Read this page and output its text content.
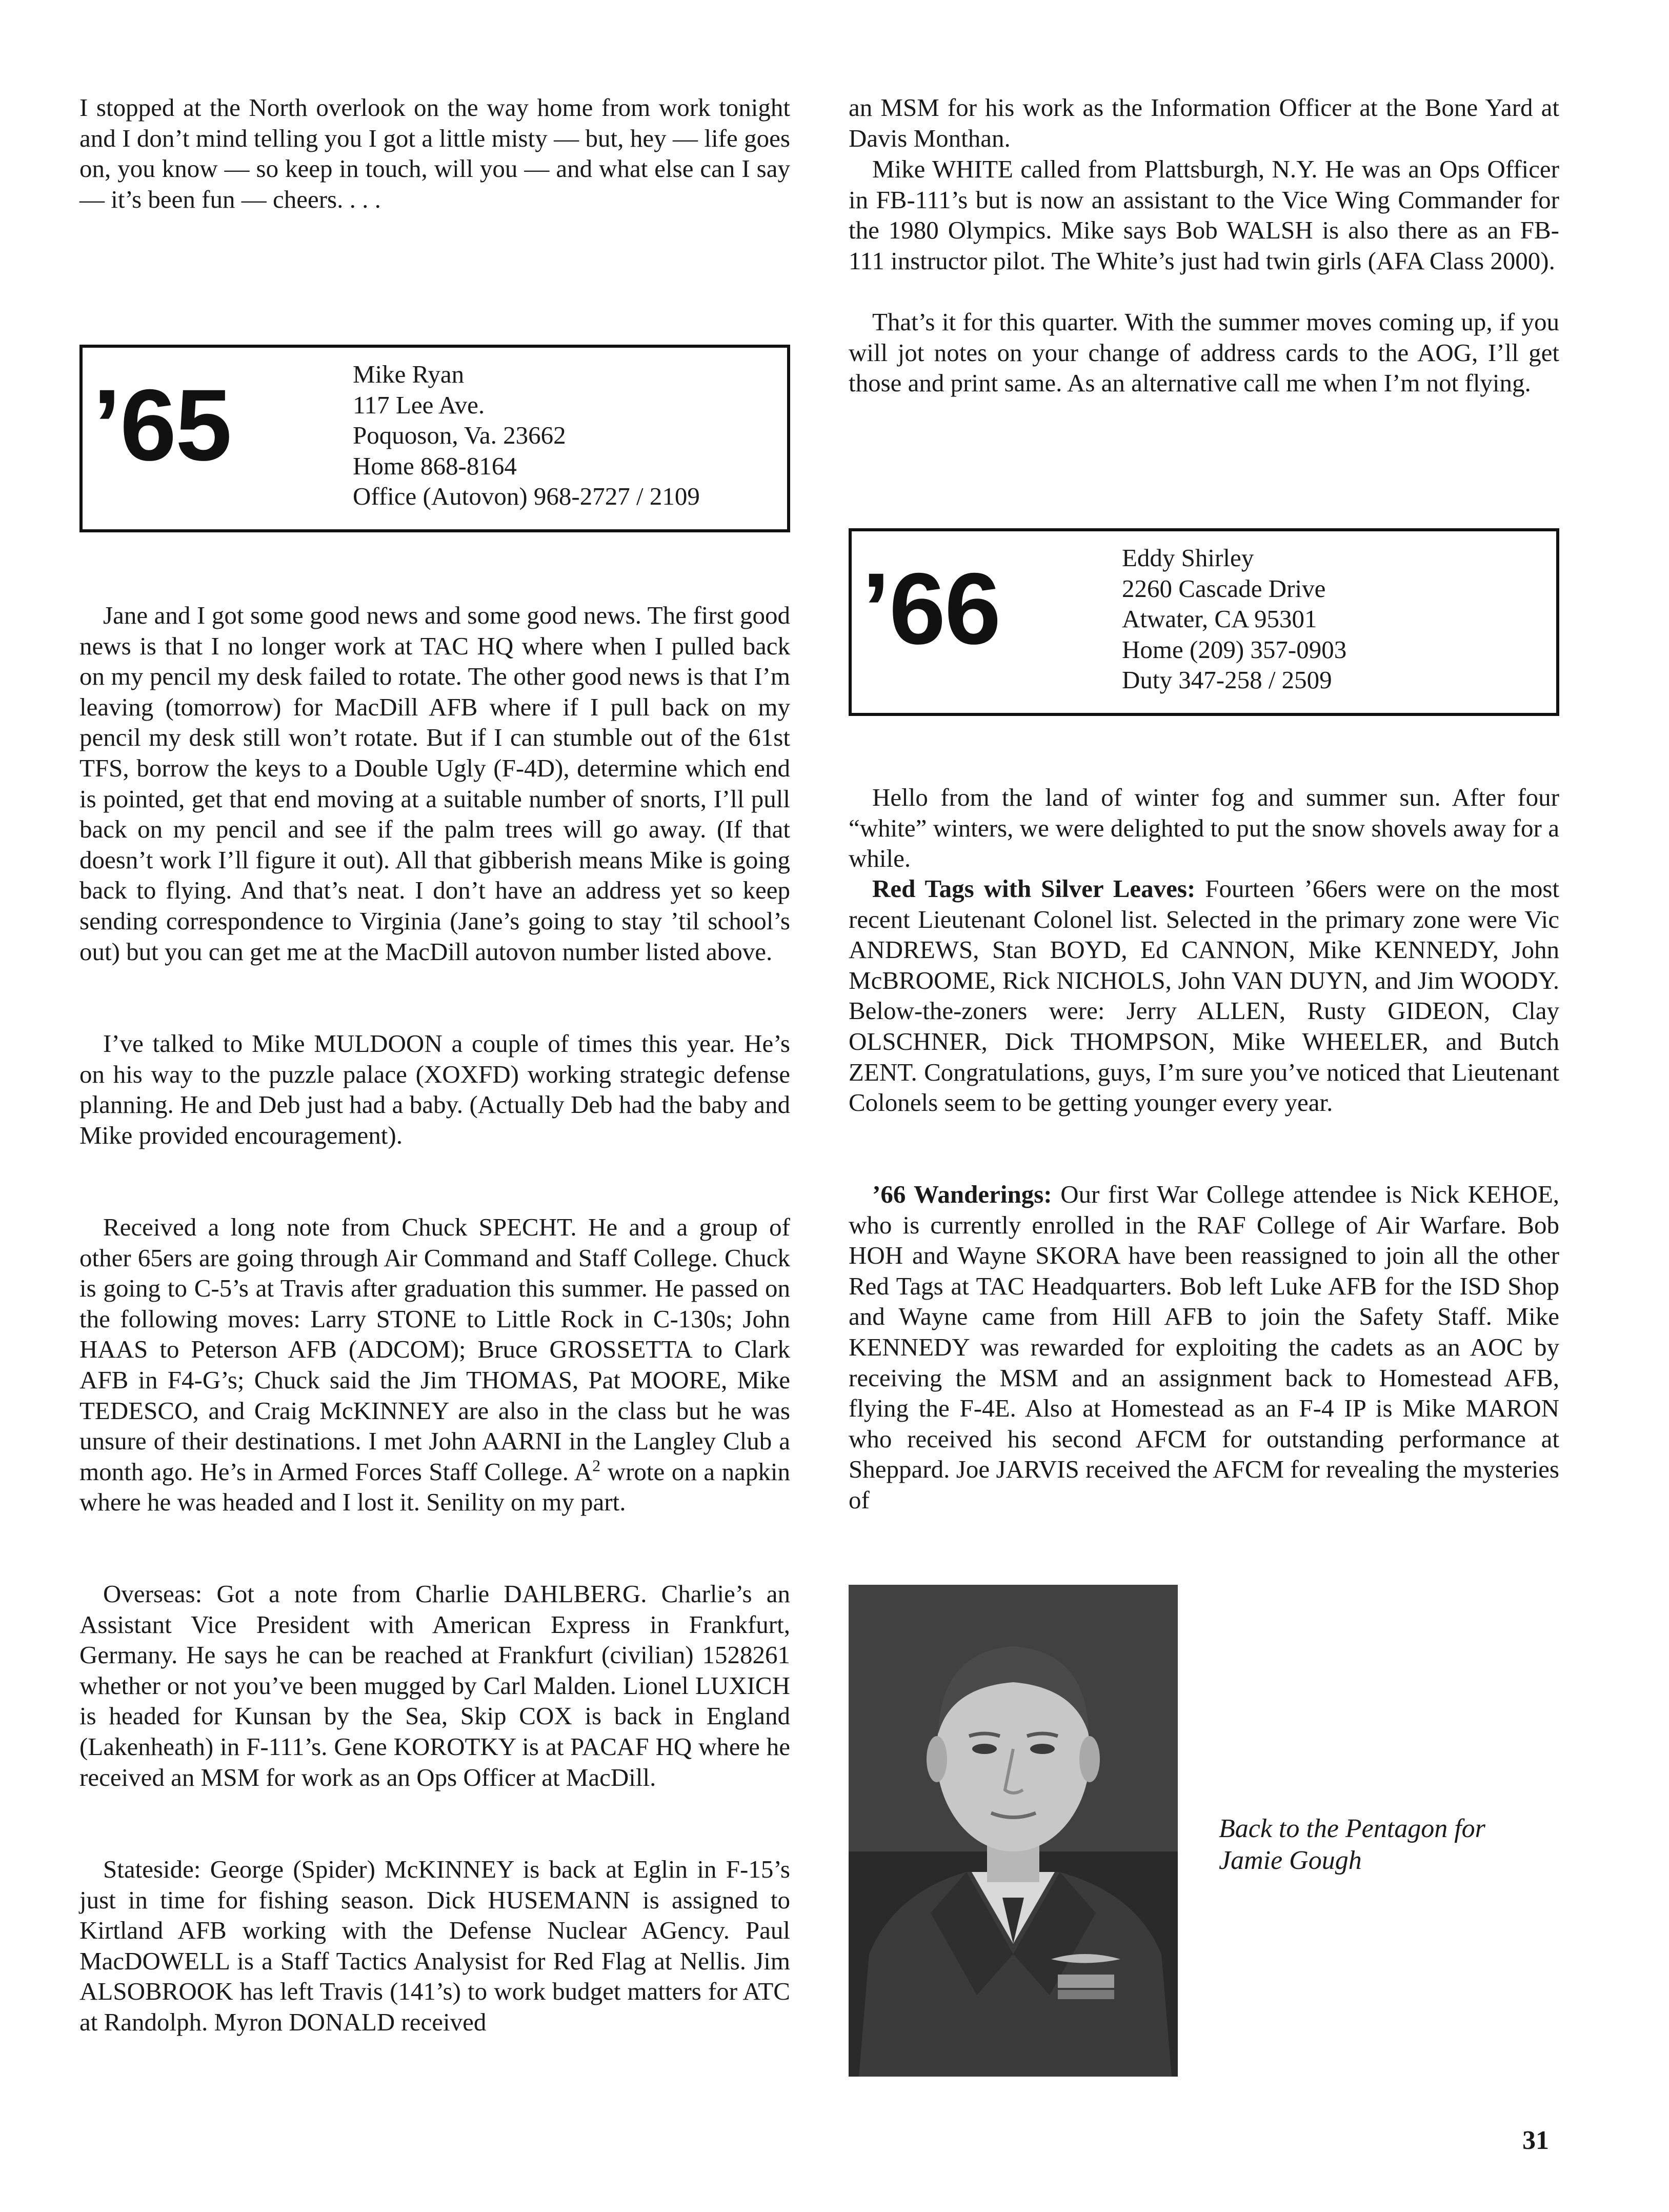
I stopped at the North overlook on the way home from work tonight and I don’t mind telling you I got a little misty — but, hey — life goes on, you know — so keep in touch, will you — and what else can I say — it’s been fun — cheers. . . .

’65	Mike Ryan
117 Lee Ave.
Poquoson, Va. 23662
Home 868-8164
Office (Autovon) 968-2727 / 2109

Jane and I got some good news and some good news. The first good news is that I no longer work at TAC HQ where when I pulled back on my pencil my desk failed to rotate. The other good news is that I’m leaving (tomorrow) for MacDill AFB where if I pull back on my pencil my desk still won’t rotate. But if I can stumble out of the 61st TFS, borrow the keys to a Double Ugly (F-4D), determine which end is pointed, get that end moving at a suitable number of snorts, I’ll pull back on my pencil and see if the palm trees will go away. (If that doesn’t work I’ll figure it out). All that gibberish means Mike is going back to flying. And that’s neat. I don’t have an address yet so keep sending correspondence to Virginia (Jane’s going to stay ’til school’s out) but you can get me at the MacDill autovon number listed above.

I’ve talked to Mike MULDOON a couple of times this year. He’s on his way to the puzzle palace (XOXFD) working strategic defense planning. He and Deb just had a baby. (Actually Deb had the baby and Mike provided encouragement).

Received a long note from Chuck SPECHT. He and a group of other 65ers are going through Air Command and Staff College. Chuck is going to C-5’s at Travis after graduation this summer. He passed on the following moves: Larry STONE to Little Rock in C-130s; John HAAS to Peterson AFB (ADCOM); Bruce GROSSETTA to Clark AFB in F4-G’s; Chuck said the Jim THOMAS, Pat MOORE, Mike TEDESCO, and Craig McKINNEY are also in the class but he was unsure of their destinations. I met John AARNI in the Langley Club a month ago. He’s in Armed Forces Staff College. $A^2$ wrote on a napkin where he was headed and I lost it. Senility on my part.

Overseas: Got a note from Charlie DAHLBERG. Charlie’s an Assistant Vice President with American Express in Frankfurt, Germany. He says he can be reached at Frankfurt (civilian) 1528261 whether or not you’ve been mugged by Carl Malden. Lionel LUXICH is headed for Kunsan by the Sea, Skip COX is back in England (Lakenheath) in F-111’s. Gene KOROTKY is at PACAF HQ where he received an MSM for work as an Ops Officer at MacDill.

Stateside: George (Spider) McKINNEY is back at Eglin in F-15’s just in time for fishing season. Dick HUSEMANN is assigned to Kirtland AFB working with the Defense Nuclear AGency. Paul MacDOWELL is a Staff Tactics Analysist for Red Flag at Nellis. Jim ALSOBROOK has left Travis (141’s) to work budget matters for ATC at Randolph. Myron DONALD received

an MSM for his work as the Information Officer at the Bone Yard at Davis Monthan.

Mike WHITE called from Plattsburgh, N.Y. He was an Ops Officer in FB-111’s but is now an assistant to the Vice Wing Commander for the 1980 Olympics. Mike says Bob WALSH is also there as an FB-111 instructor pilot. The White’s just had twin girls (AFA Class 2000).

That’s it for this quarter. With the summer moves coming up, if you will jot notes on your change of address cards to the AOG, I’ll get those and print same. As an alternative call me when I’m not flying.

’66	Eddy Shirley
2260 Cascade Drive
Atwater, CA 95301
Home (209) 357-0903
Duty 347-258 / 2509

Hello from the land of winter fog and summer sun. After four “white” winters, we were delighted to put the snow shovels away for a while.

Red Tags with Silver Leaves: Fourteen ’66ers were on the most recent Lieutenant Colonel list. Selected in the primary zone were Vic ANDREWS, Stan BOYD, Ed CANNON, Mike KENNEDY, John McBROOME, Rick NICHOLS, John VAN DUYN, and Jim WOODY. Below-the-zoners were: Jerry ALLEN, Rusty GIDEON, Clay OLSCHNER, Dick THOMPSON, Mike WHEELER, and Butch ZENT. Congratulations, guys, I’m sure you’ve noticed that Lieutenant Colonels seem to be getting younger every year.

’66 Wanderings: Our first War College attendee is Nick KEHOE, who is currently enrolled in the RAF College of Air Warfare. Bob HOH and Wayne SKORA have been reassigned to join all the other Red Tags at TAC Headquarters. Bob left Luke AFB for the ISD Shop and Wayne came from Hill AFB to join the Safety Staff. Mike KENNEDY was rewarded for exploiting the cadets as an AOC by receiving the MSM and an assignment back to Homestead AFB, flying the F-4E. Also at Homestead as an F-4 IP is Mike MARON who received his second AFCM for outstanding performance at Sheppard. Joe JARVIS received the AFCM for revealing the mysteries of

Back to the Pentagon for
Jamie Gough

31
